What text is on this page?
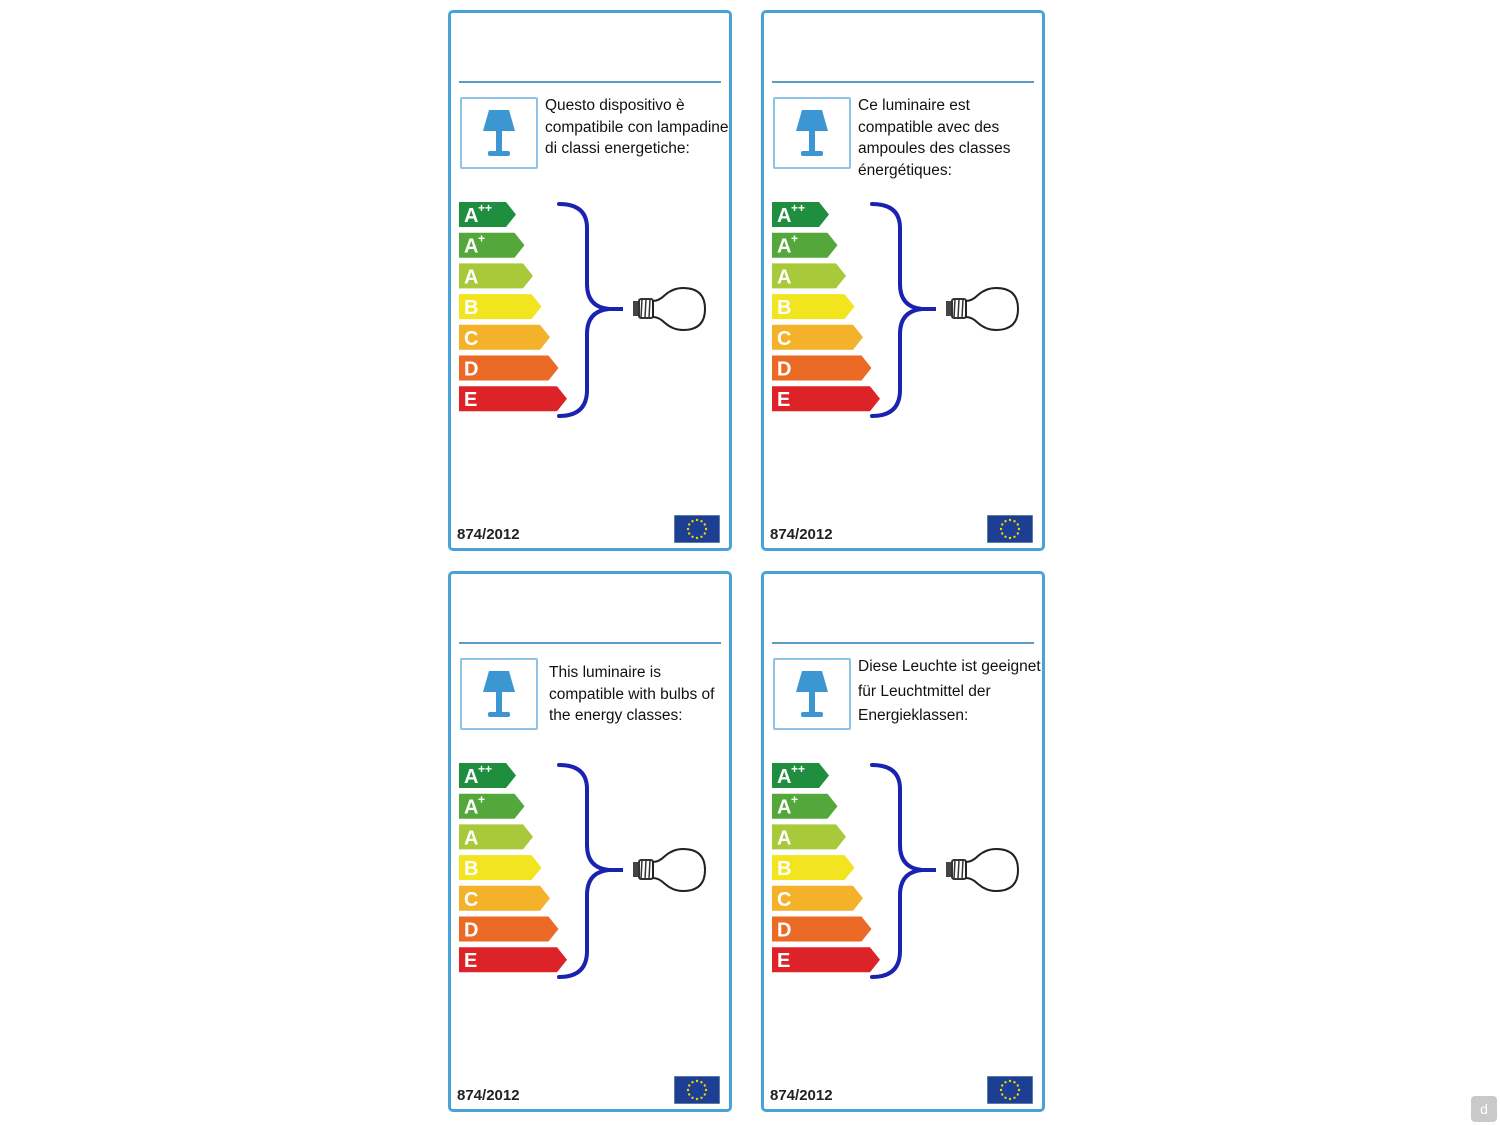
Questo dispositivo è compatibile con lampadine di classi energetiche:

A ++
A +
A
B
C
D
E
874/2012

Ce luminaire est compatible avec des ampoules des classes énergétiques:

A ++
A +
A
B
C
D
E
874/2012

This luminaire is compatible with bulbs of the energy classes:

A ++
A +
A
B
C
D
E
874/2012

Diese Leuchte ist geeignet für Leuchtmittel der Energieklassen:

A ++
A +
A
B
C
D
E
874/2012
d
